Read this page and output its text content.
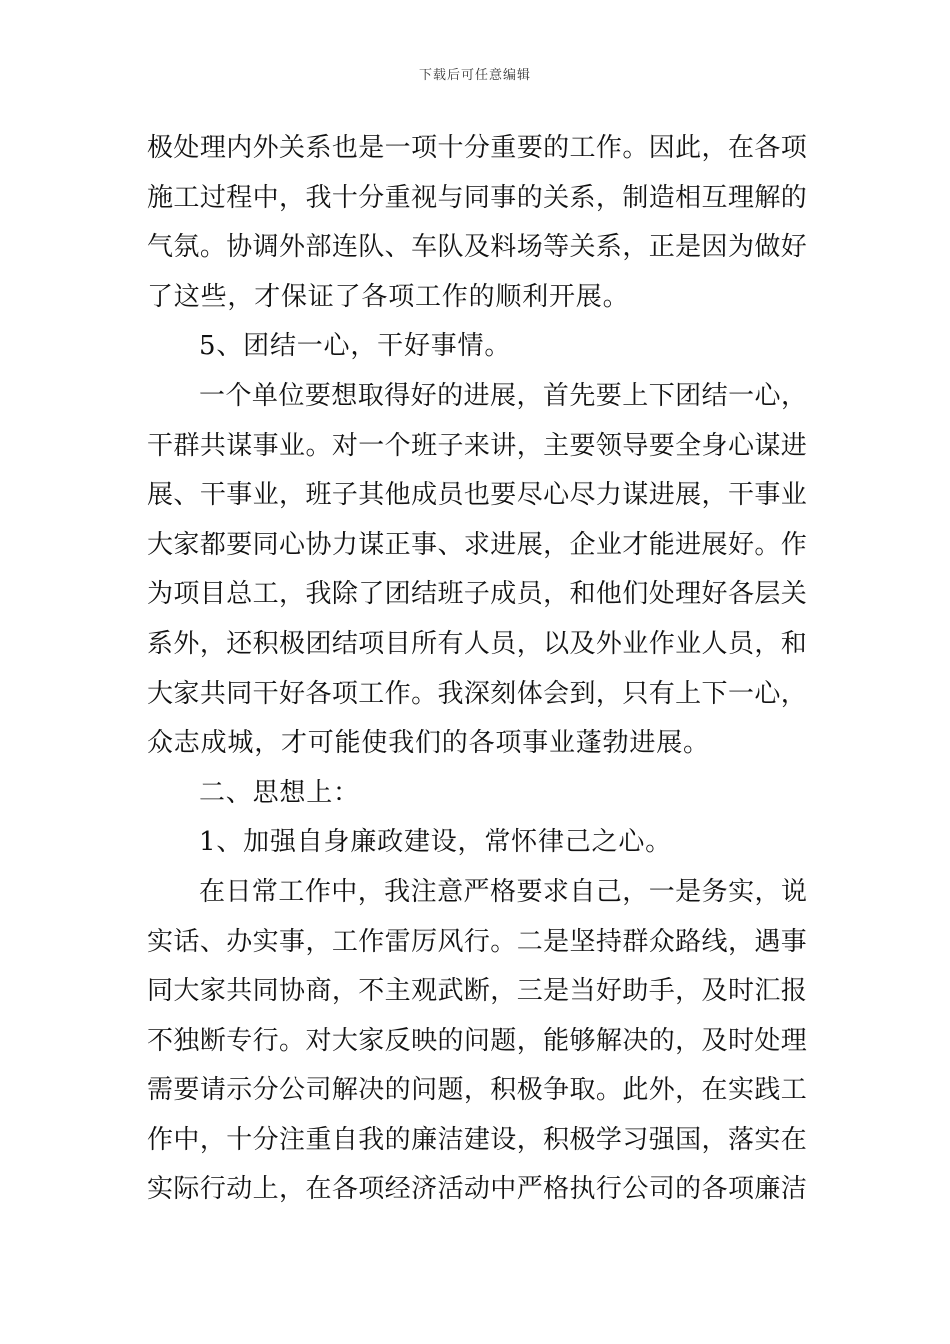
下载后可任意编辑
极 处 理 内 外 关 系 也 是 一 项 十 分 重 要 的 工 作 。 因 此 ， 在 各 项
施 工 过 程 中 ， 我 十 分 重 视 与 同 事 的 关 系 ， 制 造 相 互 理 解 的
气 氛 。 协 调 外 部 连 队 、 车 队 及 料 场 等 关 系 ， 正 是 因 为 做 好
了这些，才保证了各项工作的顺利开展。
5、团结一心，干好事情。
一 个 单 位 要 想 取 得 好 的 进 展 ， 首 先 要 上 下 团 结 一 心 ，
干 群 共 谋 事 业 。 对 一 个 班 子 来 讲 ， 主 要 领 导 要 全 身 心 谋 进
展 、 干 事 业 ， 班 子 其 他 成 员 也 要 尽 心 尽 力 谋 进 展 ， 干 事 业
大 家 都 要 同 心 协 力 谋 正 事 、 求 进 展 ， 企 业 才 能 进 展 好 。 作
为 项 目 总 工 ， 我 除 了 团 结 班 子 成 员 ， 和 他 们 处 理 好 各 层 关
系 外 ， 还 积 极 团 结 项 目 所 有 人 员 ， 以 及 外 业 作 业 人 员 ， 和
大 家 共 同 干 好 各 项 工 作 。 我 深 刻 体 会 到 ， 只 有 上 下 一 心 ，
众志成城，才可能使我们的各项事业蓬勃进展。
二、思想上：
1、加强自身廉政建设，常怀律己之心。
在 日 常 工 作 中 ， 我 注 意 严 格 要 求 自 己 ， 一 是 务 实 ， 说
实 话 、 办 实 事 ， 工 作 雷 厉 风 行 。 二 是 坚 持 群 众 路 线 ， 遇 事
同 大 家 共 同 协 商 ， 不 主 观 武 断 ， 三 是 当 好 助 手 ， 及 时 汇 报
不 独 断 专 行 。 对 大 家 反 映 的 问 题 ， 能 够 解 决 的 ， 及 时 处 理
需 要 请 示 分 公 司 解 决 的 问 题 ， 积 极 争 取 。 此 外 ， 在 实 践 工
作 中 ， 十 分 注 重 自 我 的 廉 洁 建 设 ， 积 极 学 习 强 国 ， 落 实 在
实 际 行 动 上 ， 在 各 项 经 济 活 动 中 严 格 执 行 公 司 的 各 项 廉 洁
